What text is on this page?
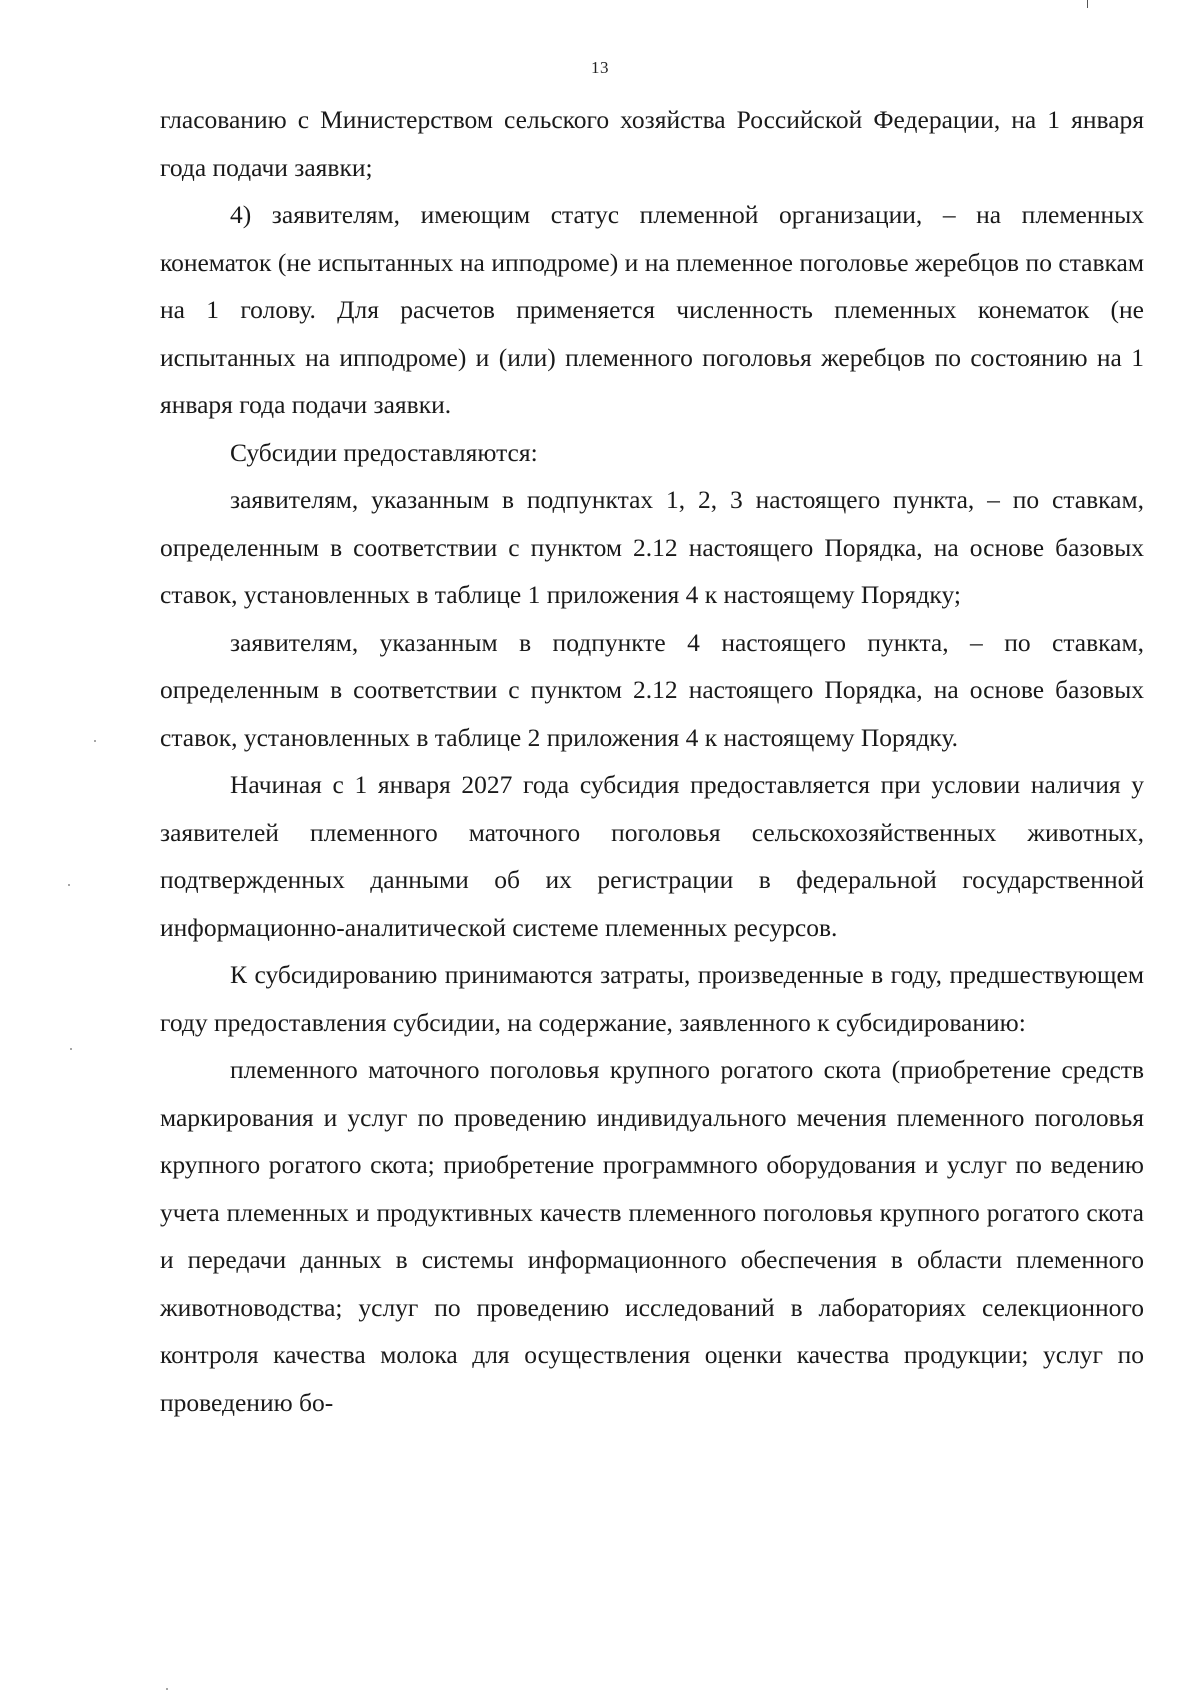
13

гласованию с Министерством сельского хозяйства Российской Федерации, на 1 января года подачи заявки;

4) заявителям, имеющим статус племенной организации, – на племенных конематок (не испытанных на ипподроме) и на племенное поголовье жеребцов по ставкам на 1 голову. Для расчетов применяется численность племенных конематок (не испытанных на ипподроме) и (или) племенного поголовья жеребцов по состоянию на 1 января года подачи заявки.

Субсидии предоставляются:

заявителям, указанным в подпунктах 1, 2, 3 настоящего пункта, – по ставкам, определенным в соответствии с пунктом 2.12 настоящего Порядка, на основе базовых ставок, установленных в таблице 1 приложения 4 к настоящему Порядку;

заявителям, указанным в подпункте 4 настоящего пункта, – по ставкам, определенным в соответствии с пунктом 2.12 настоящего Порядка, на основе базовых ставок, установленных в таблице 2 приложения 4 к настоящему Порядку.

Начиная с 1 января 2027 года субсидия предоставляется при условии наличия у заявителей племенного маточного поголовья сельскохозяйственных животных, подтвержденных данными об их регистрации в федеральной государственной информационно-аналитической системе племенных ресурсов.

К субсидированию принимаются затраты, произведенные в году, предшествующем году предоставления субсидии, на содержание, заявленного к субсидированию:

племенного маточного поголовья крупного рогатого скота (приобретение средств маркирования и услуг по проведению индивидуального мечения племенного поголовья крупного рогатого скота; приобретение программного оборудования и услуг по ведению учета племенных и продуктивных качеств племенного поголовья крупного рогатого скота и передачи данных в системы информационного обеспечения в области племенного животноводства; услуг по проведению исследований в лабораториях селекционного контроля качества молока для осуществления оценки качества продукции; услуг по проведению бо-
